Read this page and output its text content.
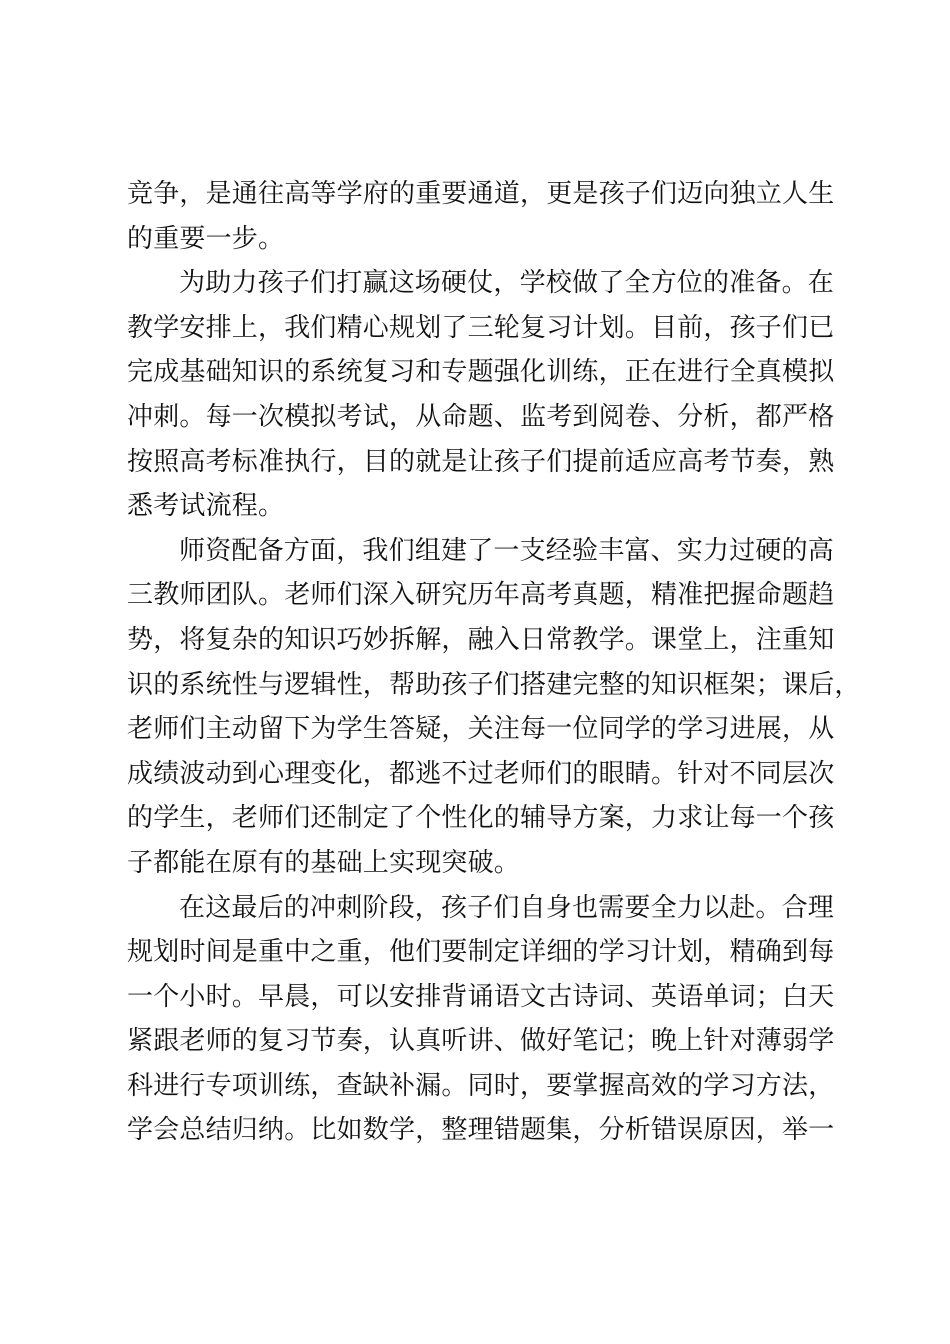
竞争，是通往高等学府的重要通道，更是孩子们迈向独立人生
的重要一步。
为助力孩子们打赢这场硬仗，学校做了全方位的准备。在
教学安排上，我们精心规划了三轮复习计划。目前，孩子们已
完成基础知识的系统复习和专题强化训练，正在进行全真模拟
冲刺。每一次模拟考试，从命题、监考到阅卷、分析，都严格
按照高考标准执行，目的就是让孩子们提前适应高考节奏，熟
悉考试流程。
师资配备方面，我们组建了一支经验丰富、实力过硬的高
三教师团队。老师们深入研究历年高考真题，精准把握命题趋
势，将复杂的知识巧妙拆解，融入日常教学。课堂上，注重知
识的系统性与逻辑性，帮助孩子们搭建完整的知识框架；课后，
老师们主动留下为学生答疑，关注每一位同学的学习进展，从
成绩波动到心理变化，都逃不过老师们的眼睛。针对不同层次
的学生，老师们还制定了个性化的辅导方案，力求让每一个孩
子都能在原有的基础上实现突破。
在这最后的冲刺阶段，孩子们自身也需要全力以赴。合理
规划时间是重中之重，他们要制定详细的学习计划，精确到每
一个小时。早晨，可以安排背诵语文古诗词、英语单词；白天
紧跟老师的复习节奏，认真听讲、做好笔记；晚上针对薄弱学
科进行专项训练，查缺补漏。同时，要掌握高效的学习方法，
学会总结归纳。比如数学，整理错题集，分析错误原因，举一
